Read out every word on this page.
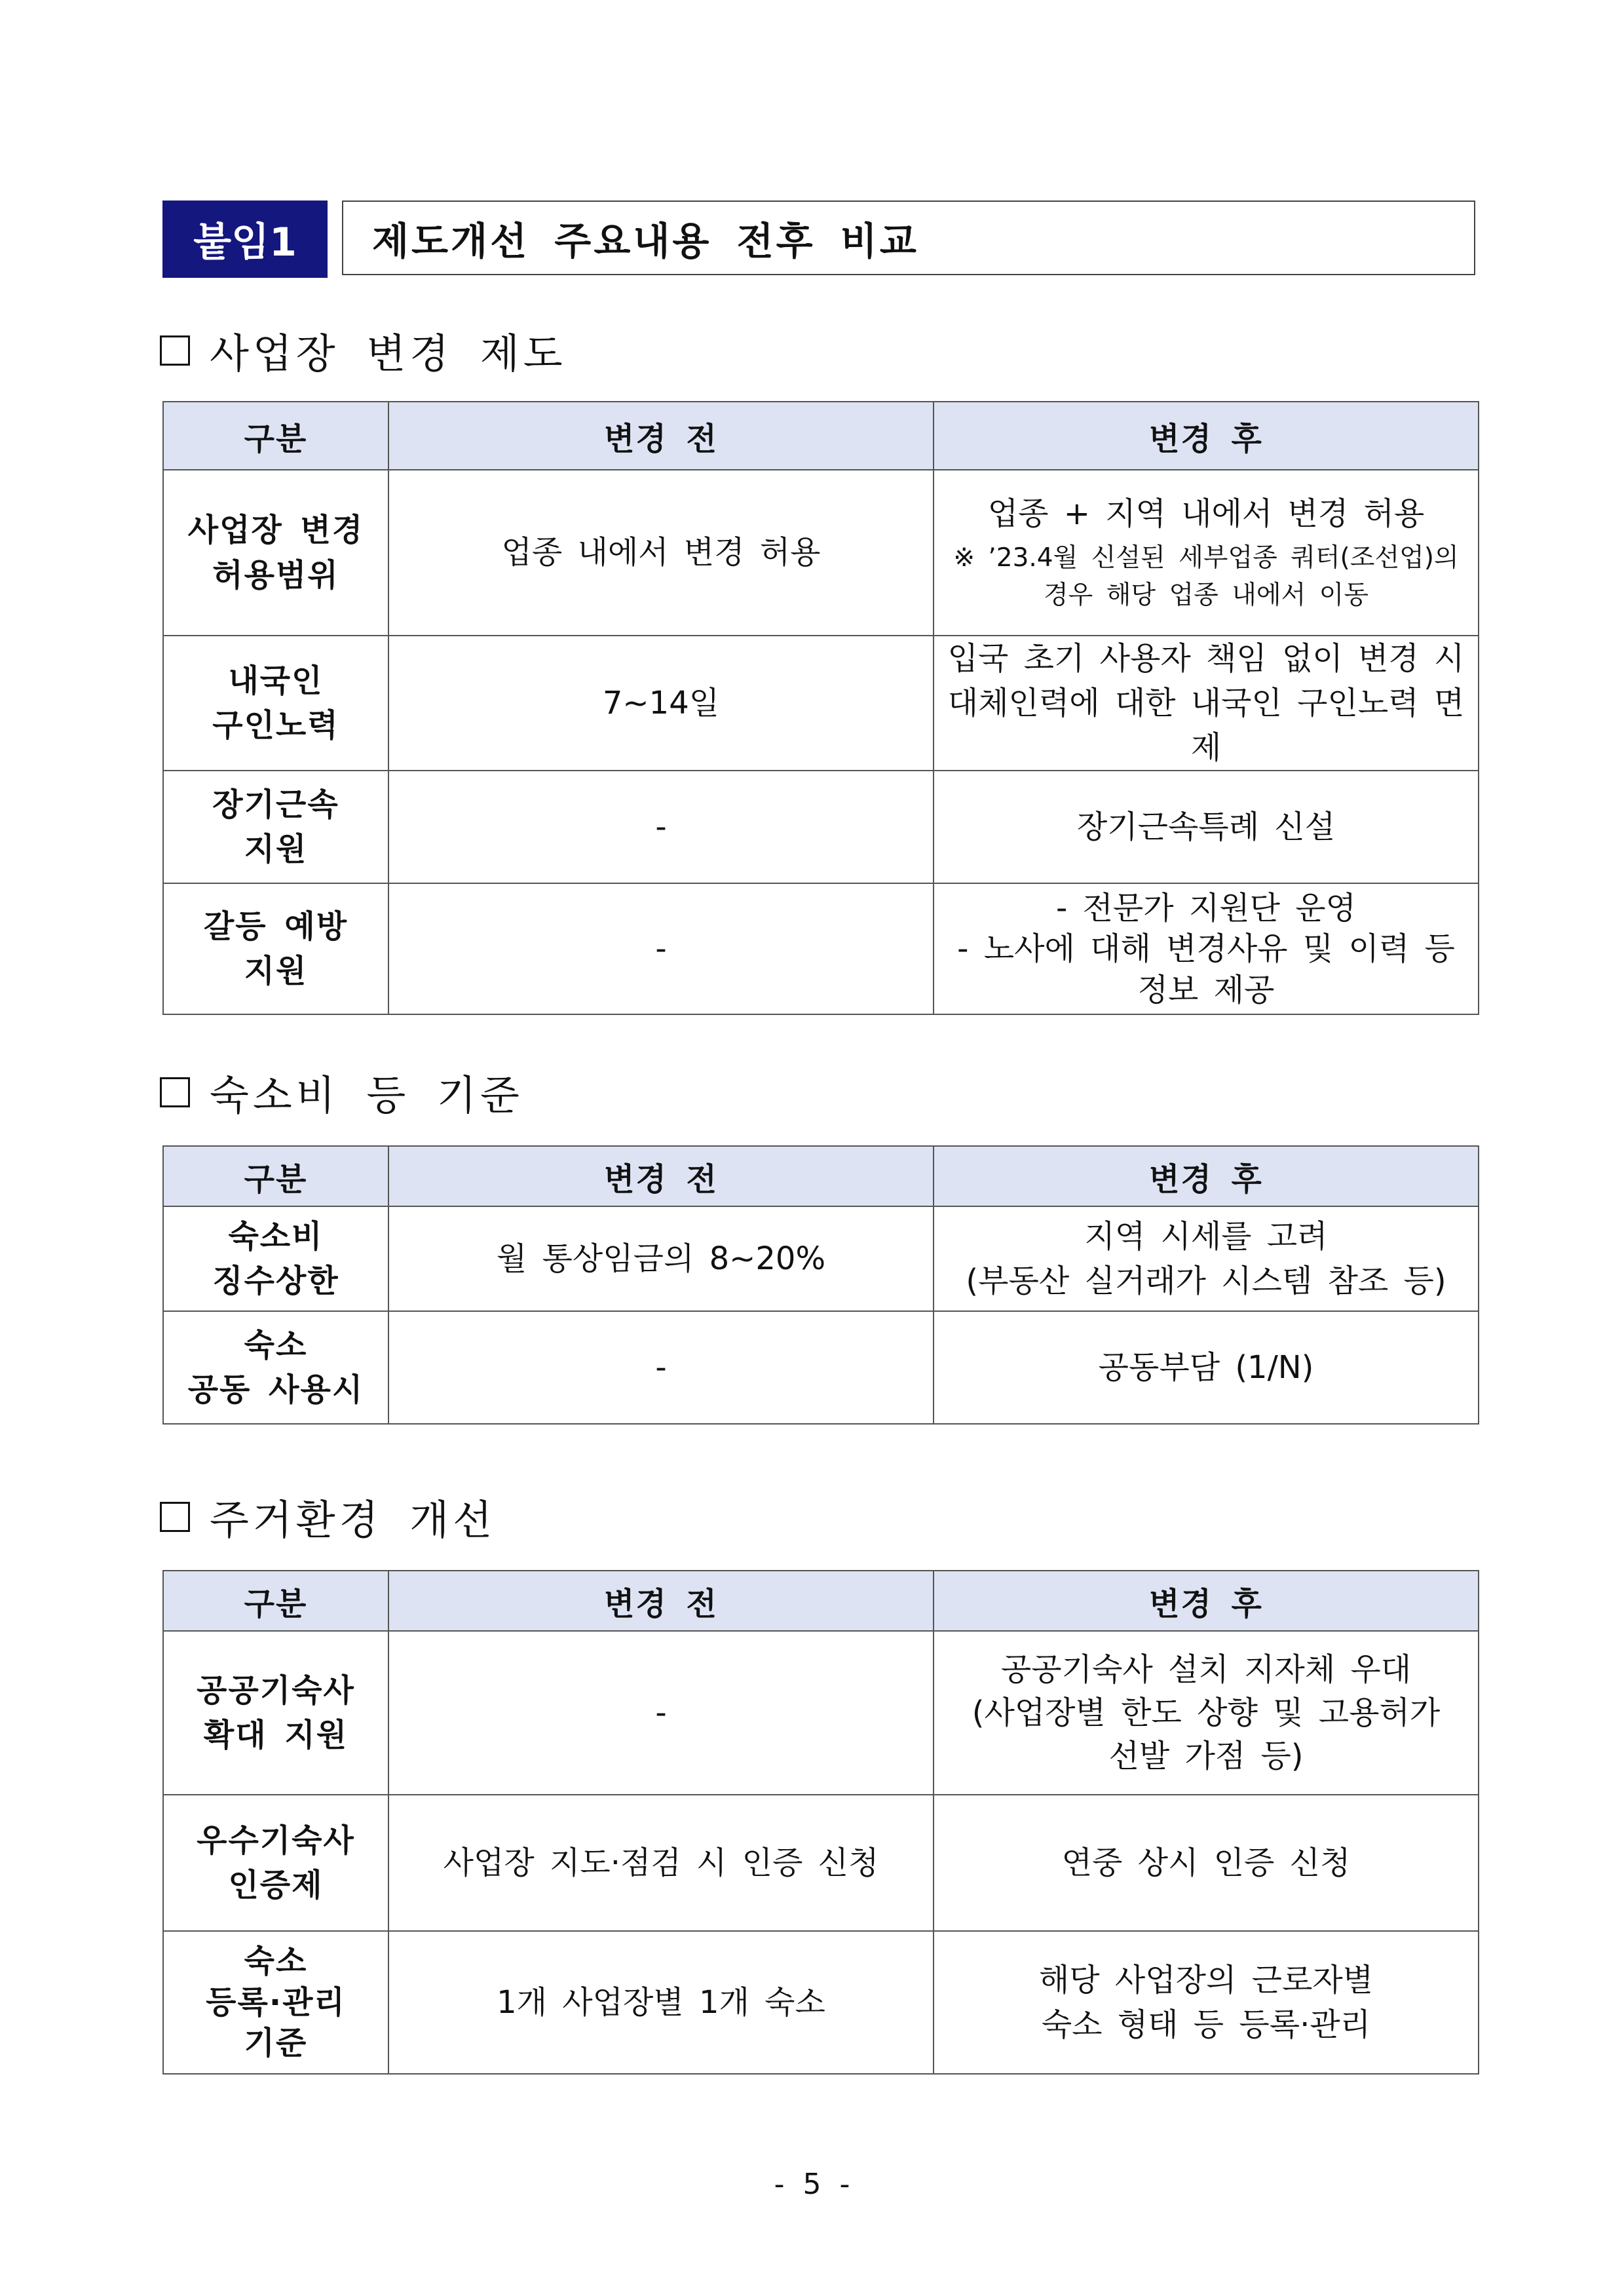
붙임1	제도개선 주요내용 전후 비교
사업장 변경 제도
구분	변경 전	변경 후

사업장 변경
허용범위	업종 내에서 변경 허용	업종 + 지역 내에서 변경 허용
※ ’23.4월 신설된 세부업종 쿼터(조선업)의
경우 해당 업종 내에서 이동

내국인
구인노력	7~14일	입국 초기 사용자 책임 없이 변경 시
대체인력에 대한 내국인 구인노력 면제

장기근속
지원	-	장기근속특례 신설

갈등 예방
지원	-	- 전문가 지원단 운영
- 노사에 대해 변경사유 및 이력 등
정보 제공
숙소비 등 기준
구분	변경 전	변경 후

숙소비
징수상한	월 통상임금의 8~20%	지역 시세를 고려
(부동산 실거래가 시스템 참조 등)

숙소
공동 사용시	-	공동부담 (1/N)
주거환경 개선
구분	변경 전	변경 후

공공기숙사
확대 지원	-	공공기숙사 설치 지자체 우대
(사업장별 한도 상향 및 고용허가
선발 가점 등)

우수기숙사
인증제	사업장 지도·점검 시 인증 신청	연중 상시 인증 신청

숙소
등록·관리
기준	1개 사업장별 1개 숙소	해당 사업장의 근로자별
숙소 형태 등 등록·관리
- 5 -
